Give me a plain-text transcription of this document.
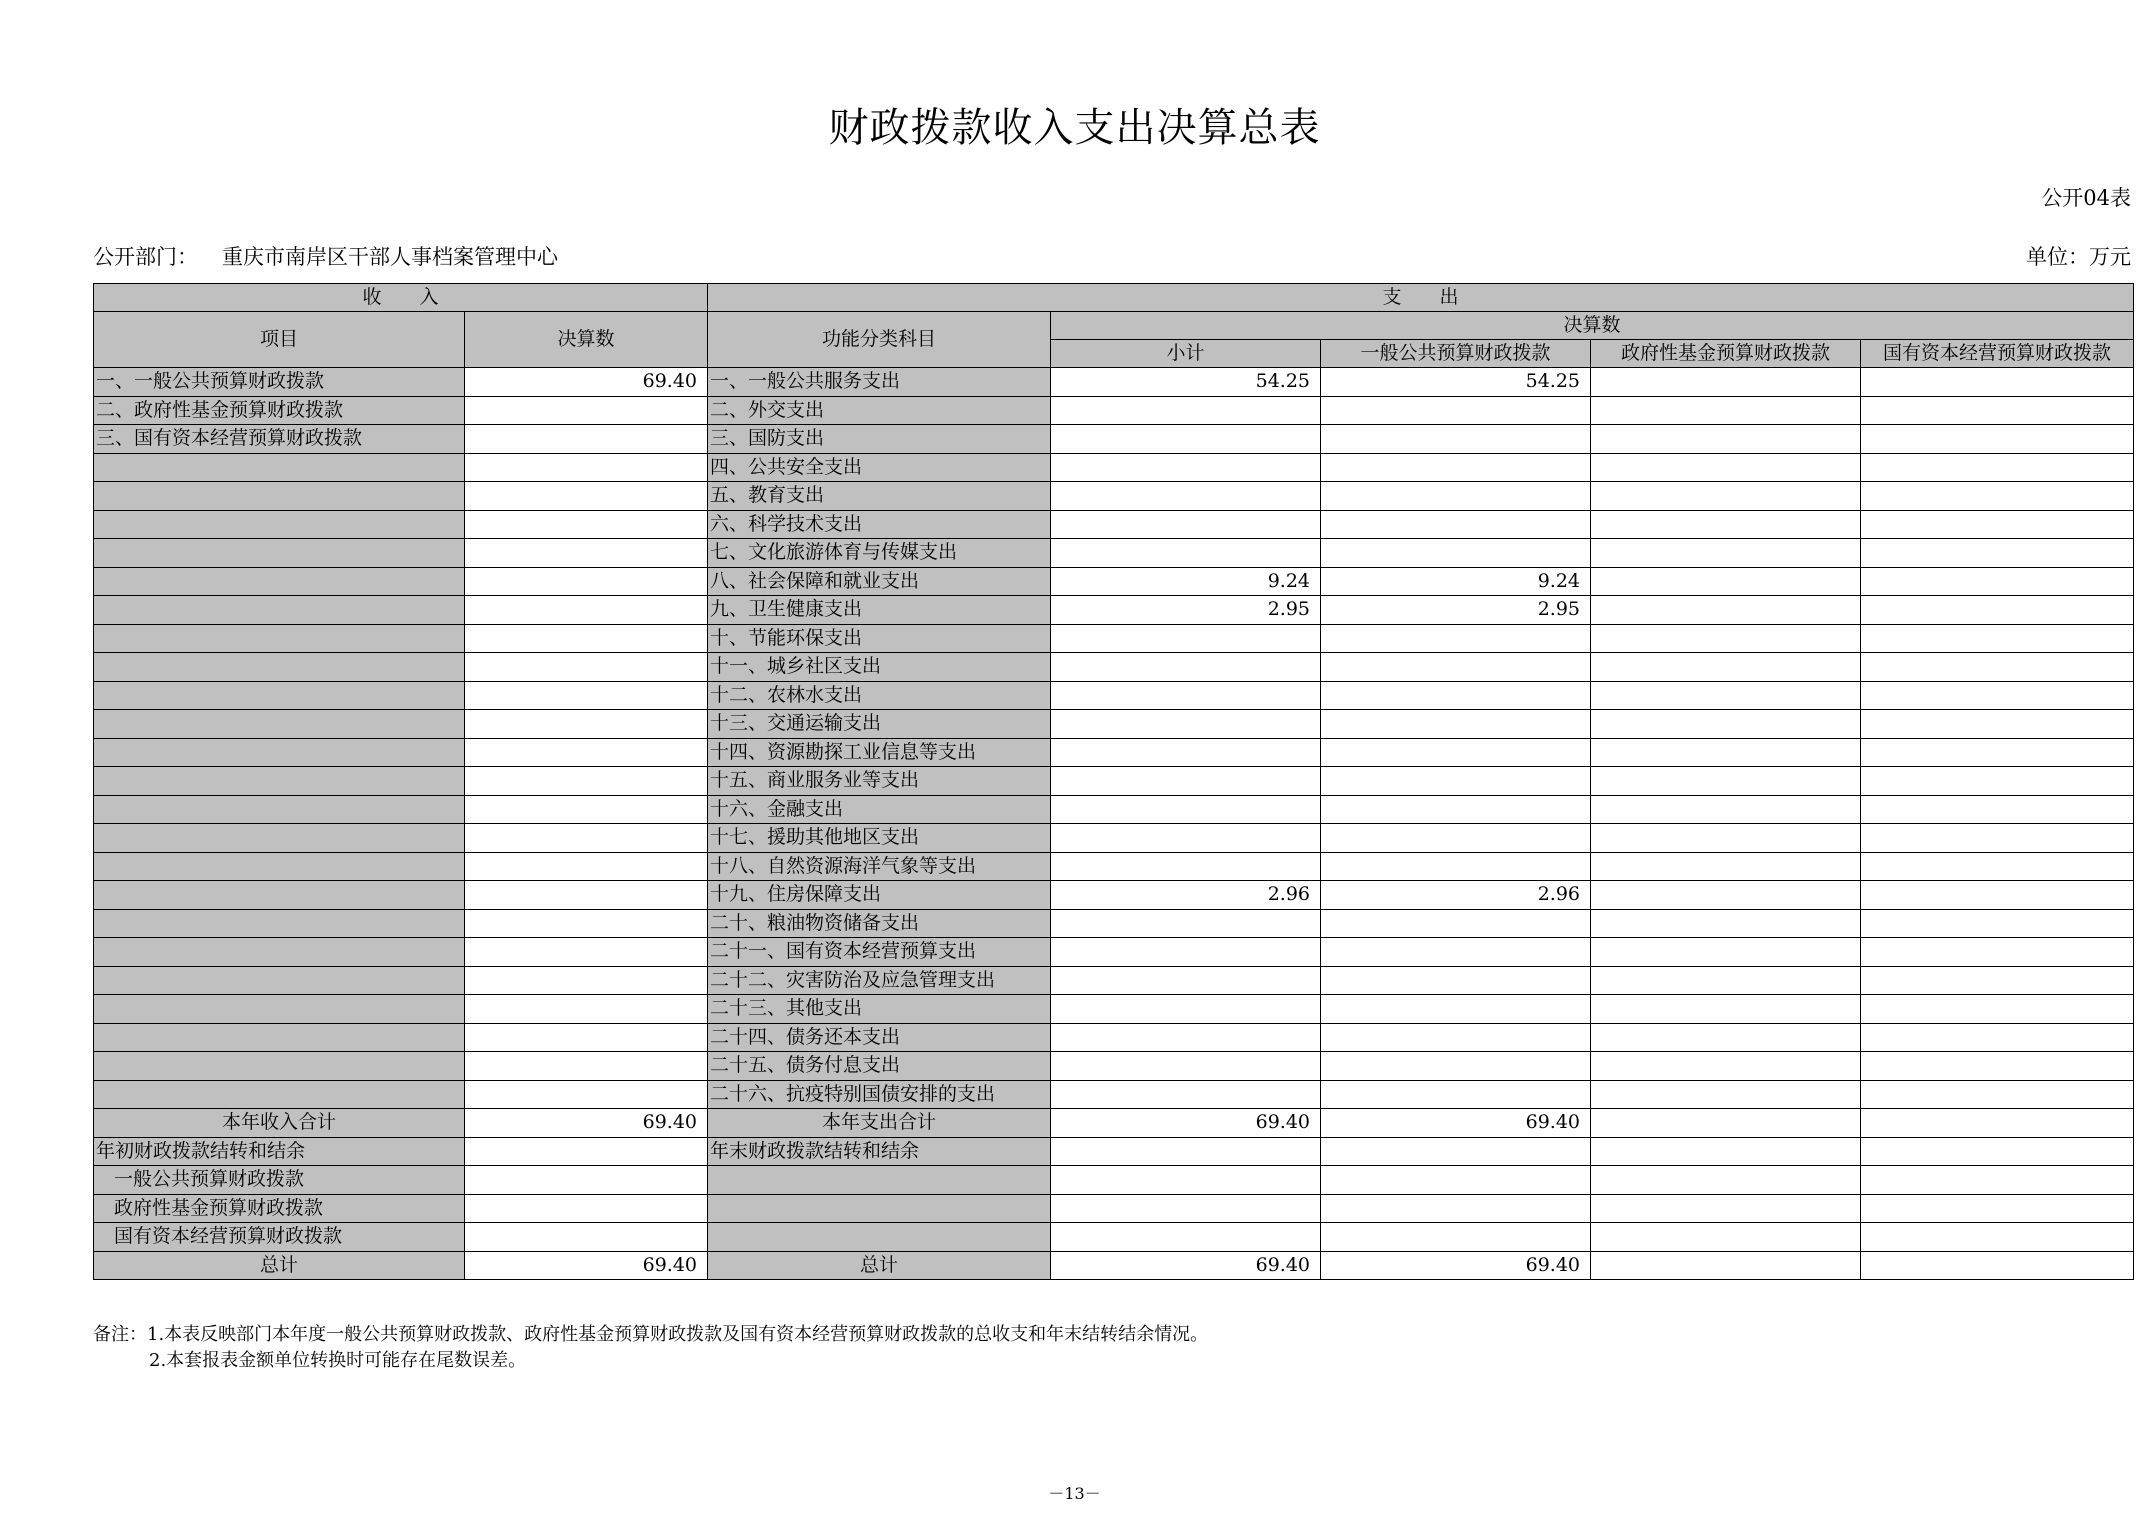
财政拨款收入支出决算总表
公开04表
公开部门： 重庆市南岸区干部人事档案管理中心	单位：万元
收　　入		支　　出				
项目	决算数	功能分类科目	决算数			
			小计	一般公共预算财政拨款	政府性基金预算财政拨款	国有资本经营预算财政拨款
一、一般公共预算财政拨款	69.40	一、一般公共服务支出	54.25	54.25		
二、政府性基金预算财政拨款		二、外交支出				
三、国有资本经营预算财政拨款		三、国防支出				
		四、公共安全支出				
		五、教育支出				
		六、科学技术支出				
		七、文化旅游体育与传媒支出				
		八、社会保障和就业支出	9.24	9.24		
		九、卫生健康支出	2.95	2.95		
		十、节能环保支出				
		十一、城乡社区支出				
		十二、农林水支出				
		十三、交通运输支出				
		十四、资源勘探工业信息等支出				
		十五、商业服务业等支出				
		十六、金融支出				
		十七、援助其他地区支出				
		十八、自然资源海洋气象等支出				
		十九、住房保障支出	2.96	2.96		
		二十、粮油物资储备支出				
		二十一、国有资本经营预算支出				
		二十二、灾害防治及应急管理支出				
		二十三、其他支出				
		二十四、债务还本支出				
		二十五、债务付息支出				
		二十六、抗疫特别国债安排的支出				
本年收入合计	69.40	本年支出合计	69.40	69.40		
年初财政拨款结转和结余		年末财政拨款结转和结余				
一般公共预算财政拨款						
政府性基金预算财政拨款						
国有资本经营预算财政拨款						
总计	69.40	总计	69.40	69.40		
备注：1.本表反映部门本年度一般公共预算财政拨款、政府性基金预算财政拨款及国有资本经营预算财政拨款的总收支和年末结转结余情况。
2.本套报表金额单位转换时可能存在尾数误差。
－13－
